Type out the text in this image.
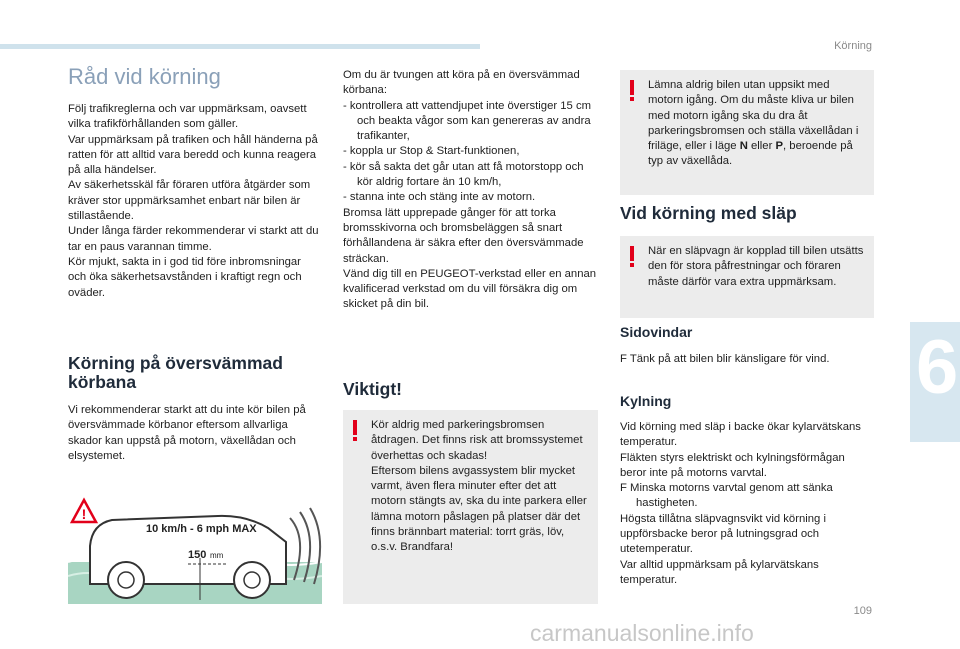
Körning
6
109
carmanualsonline.info
Råd vid körning

Följ trafikreglerna och var uppmärksam, oavsett vilka trafikförhållanden som gäller.

Var uppmärksam på trafiken och håll händerna på ratten för att alltid vara beredd och kunna reagera på alla händelser.

Av säkerhetsskäl får föraren utföra åtgärder som kräver stor uppmärksamhet enbart när bilen är stillastående.

Under långa färder rekommenderar vi starkt att du tar en paus varannan timme.

Kör mjukt, sakta in i god tid före inbromsningar och öka säkerhetsavstånden i kraftigt regn och oväder.

Körning på översvämmad körbana

Vi rekommenderar starkt att du inte kör bilen på översvämmade körbanor eftersom allvarliga skador kan uppstå på motorn, växellådan och elsystemet.

!
10 km/h - 6 mph MAX
150 mm

Om du är tvungen att köra på en översvämmad körbana:

- kontrollera att vattendjupet inte överstiger 15 cm och beakta vågor som kan genereras av andra trafikanter,

- koppla ur Stop & Start-funktionen,

- kör så sakta det går utan att få motorstopp och kör aldrig fortare än 10 km/h,

- stanna inte och stäng inte av motorn.

Bromsa lätt upprepade gånger för att torka bromsskivorna och bromsbeläggen så snart förhållandena är säkra efter den översvämmade sträckan.

Vänd dig till en PEUGEOT-verkstad eller en annan kvalificerad verkstad om du vill försäkra dig om skicket på din bil.

Viktigt!

Kör aldrig med parkeringsbromsen åtdragen. Det finns risk att bromssystemet överhettas och skadas!

Eftersom bilens avgassystem blir mycket varmt, även flera minuter efter det att motorn stängts av, ska du inte parkera eller lämna motorn påslagen på platser där det finns brännbart material: torrt gräs, löv, o.s.v. Brandfara!

Lämna aldrig bilen utan uppsikt med motorn igång. Om du måste kliva ur bilen med motorn igång ska du dra åt parkeringsbromsen och ställa växellådan i friläge, eller i läge N eller P, beroende på typ av växellåda.

Vid körning med släp

När en släpvagn är kopplad till bilen utsätts den för stora påfrestningar och föraren måste därför vara extra uppmärksam.

Sidovindar

F Tänk på att bilen blir känsligare för vind.

Kylning

Vid körning med släp i backe ökar kylarvätskans temperatur.

Fläkten styrs elektriskt och kylningsförmågan beror inte på motorns varvtal.

F Minska motorns varvtal genom att sänka hastigheten.

Högsta tillåtna släpvagnsvikt vid körning i uppförsbacke beror på lutningsgrad och utetemperatur.

Var alltid uppmärksam på kylarvätskans temperatur.
